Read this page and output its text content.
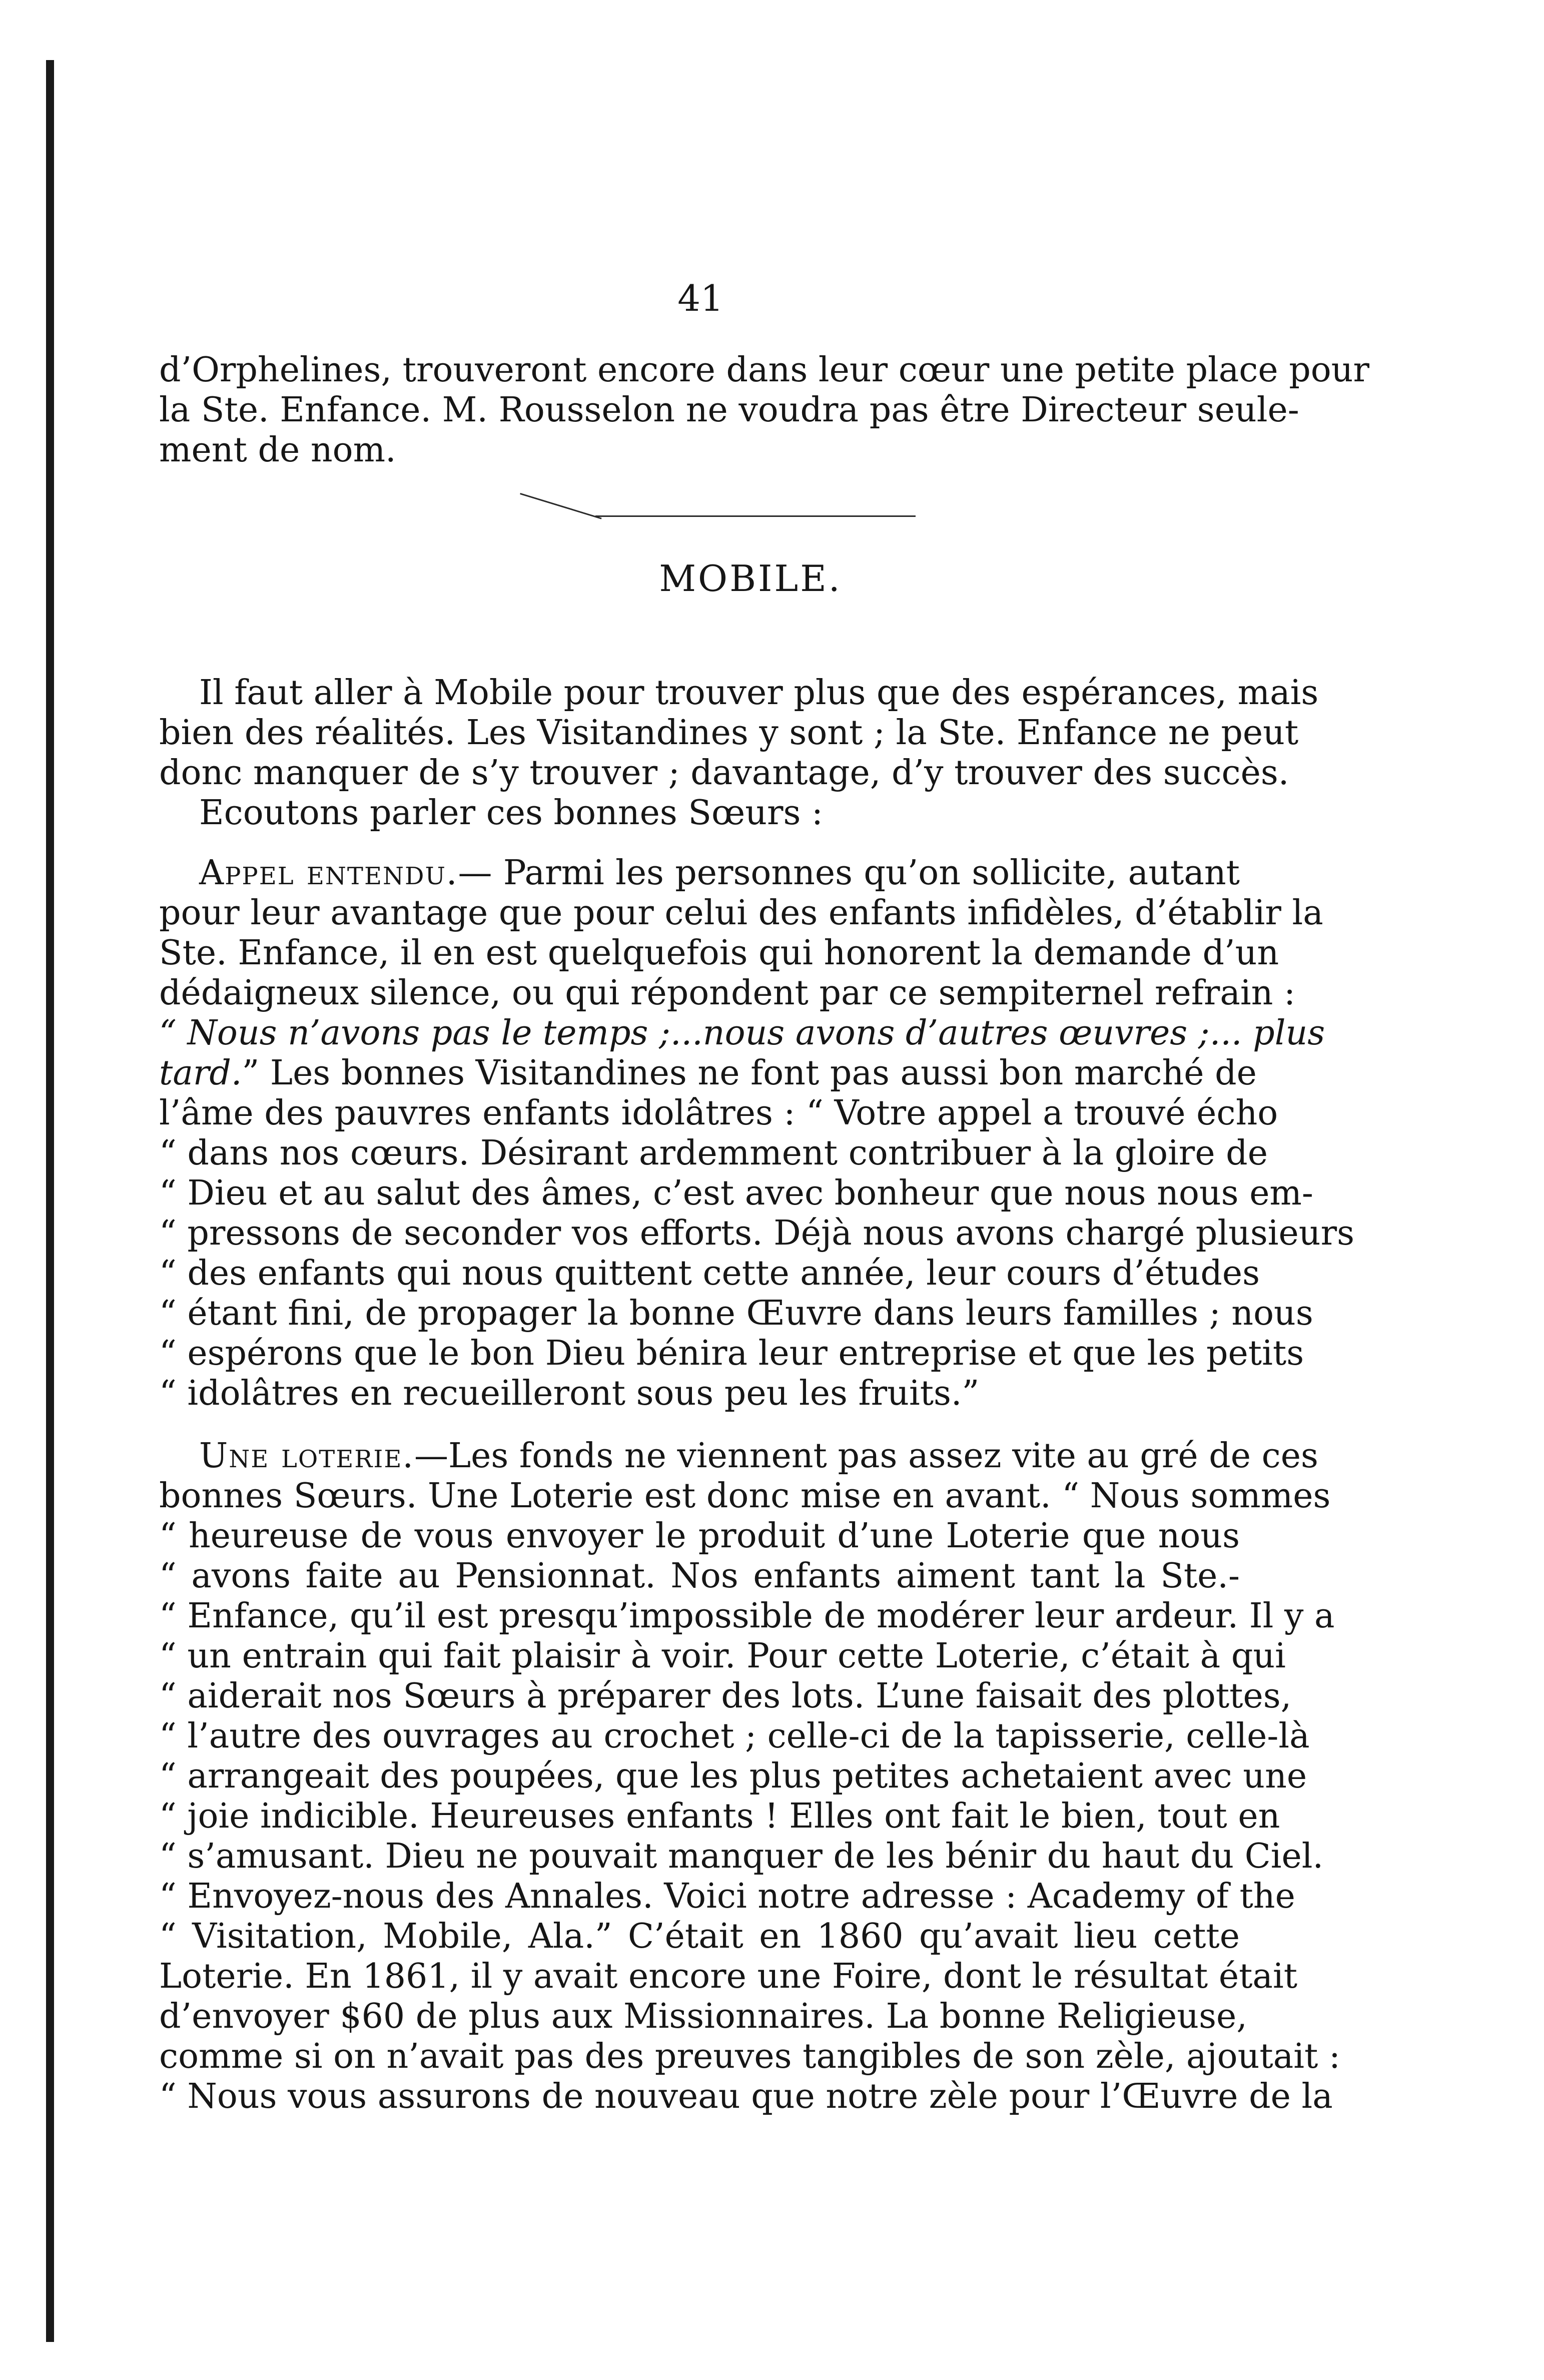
41

d’Orphelines, trouveront encore dans leur cœur une petite place pour
la Ste. Enfance. M. Rousselon ne voudra pas être Directeur seule-
ment de nom.

MOBILE.

Il faut aller à Mobile pour trouver plus que des espérances, mais
bien des réalités. Les Visitandines y sont ; la Ste. Enfance ne peut
donc manquer de s’y trouver ; davantage, d’y trouver des succès.
Ecoutons parler ces bonnes Sœurs :

Appel entendu.— Parmi les personnes qu’on sollicite, autant
pour leur avantage que pour celui des enfants infidèles, d’établir la
Ste. Enfance, il en est quelquefois qui honorent la demande d’un
dédaigneux silence, ou qui répondent par ce sempiternel refrain :
“ Nous n’avons pas le temps ;...nous avons d’autres œuvres ;... plus
tard.” Les bonnes Visitandines ne font pas aussi bon marché de
l’âme des pauvres enfants idolâtres : “ Votre appel a trouvé écho
“ dans nos cœurs. Désirant ardemment contribuer à la gloire de
“ Dieu et au salut des âmes, c’est avec bonheur que nous nous em-
“ pressons de seconder vos efforts. Déjà nous avons chargé plusieurs
“ des enfants qui nous quittent cette année, leur cours d’études
“ étant fini, de propager la bonne Œuvre dans leurs familles ; nous
“ espérons que le bon Dieu bénira leur entreprise et que les petits
“ idolâtres en recueilleront sous peu les fruits.”

Une loterie.—Les fonds ne viennent pas assez vite au gré de ces
bonnes Sœurs. Une Loterie est donc mise en avant. “ Nous sommes
“ heureuse de vous envoyer le produit d’une Loterie que nous
“ avons faite au Pensionnat. Nos enfants aiment tant la Ste.-
“ Enfance, qu’il est presqu’impossible de modérer leur ardeur. Il y a
“ un entrain qui fait plaisir à voir. Pour cette Loterie, c’était à qui
“ aiderait nos Sœurs à préparer des lots. L’une faisait des plottes,
“ l’autre des ouvrages au crochet ; celle-ci de la tapisserie, celle-là
“ arrangeait des poupées, que les plus petites achetaient avec une
“ joie indicible. Heureuses enfants ! Elles ont fait le bien, tout en
“ s’amusant. Dieu ne pouvait manquer de les bénir du haut du Ciel.
“ Envoyez-nous des Annales. Voici notre adresse : Academy of the
“ Visitation, Mobile, Ala.” C’était en 1860 qu’avait lieu cette
Loterie. En 1861, il y avait encore une Foire, dont le résultat était
d’envoyer $60 de plus aux Missionnaires. La bonne Religieuse,
comme si on n’avait pas des preuves tangibles de son zèle, ajoutait :
“ Nous vous assurons de nouveau que notre zèle pour l’Œuvre de la
